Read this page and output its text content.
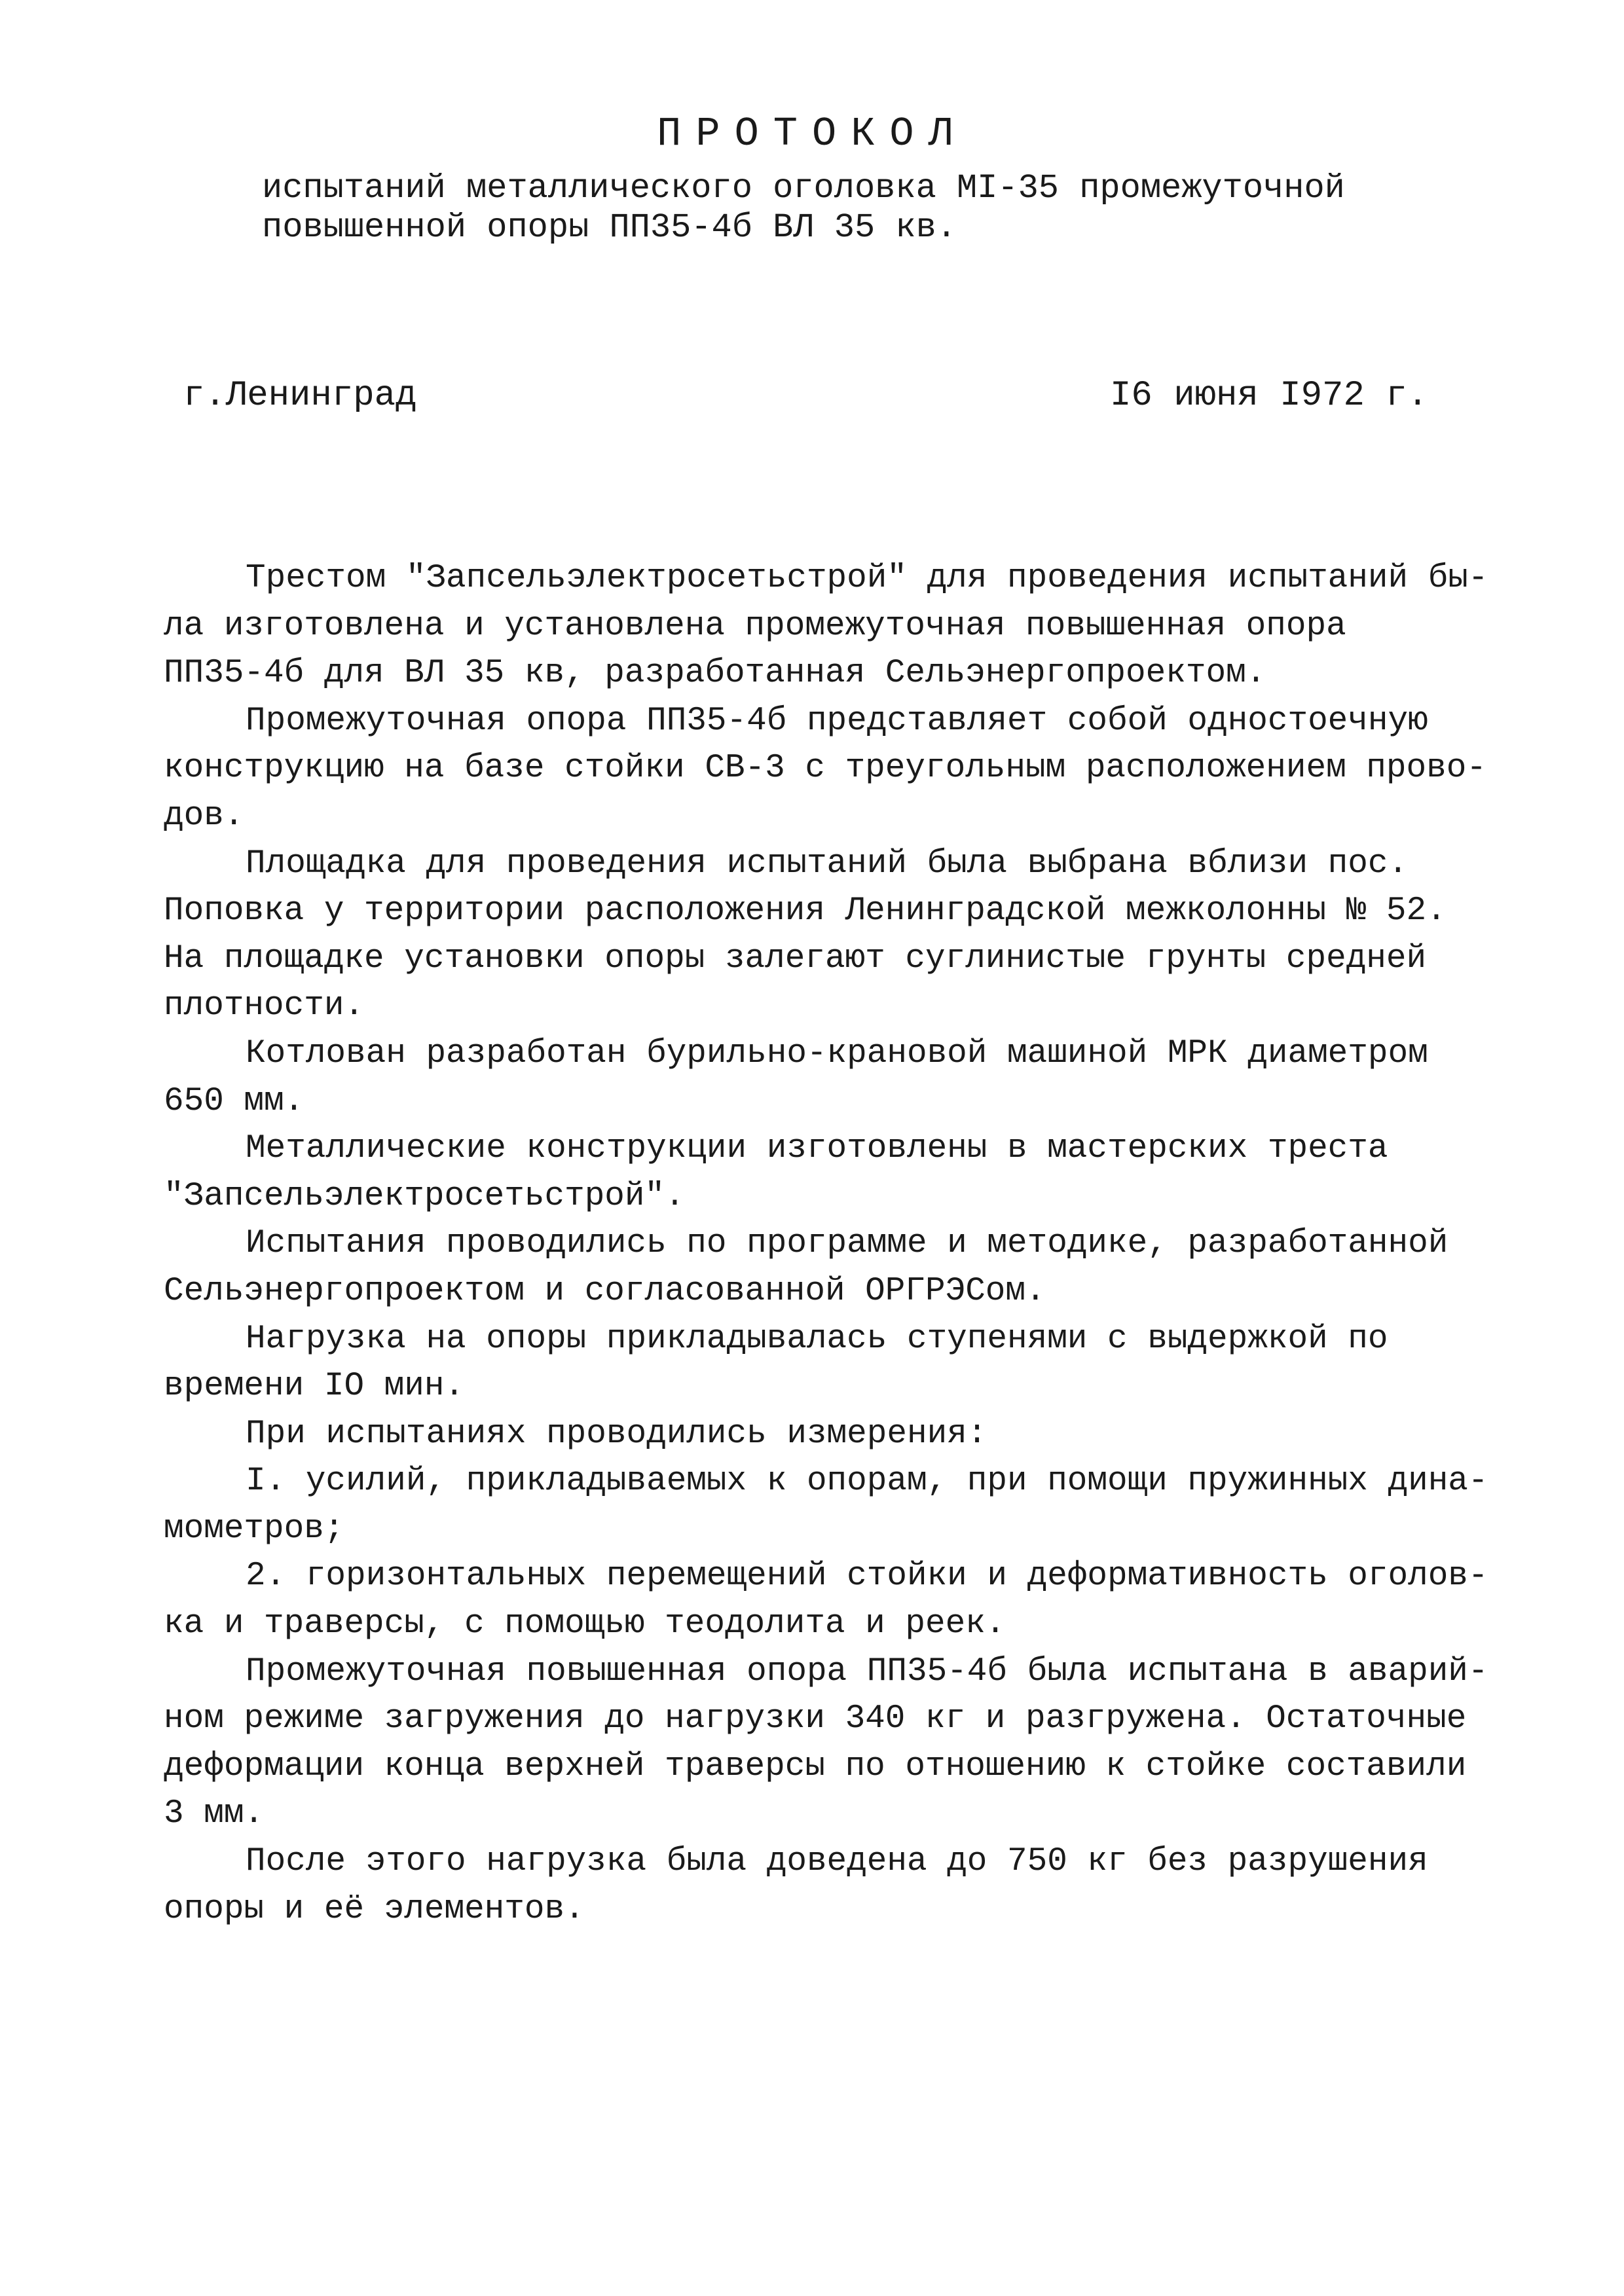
ПРОТОКОЛ
испытаний металлического оголовка МI-35 промежуточной
повышенной опоры ПП35-4б ВЛ 35 кв.
г.Ленинград	I6 июня I972 г.
Трестом "Запсельэлектросетьстрой" для проведения испытаний бы-
ла изготовлена и установлена промежуточная повышенная опора
ПП35-4б для ВЛ 35 кв, разработанная Сельэнергопроектом.
Промежуточная опора ПП35-4б представляет собой одностоечную
конструкцию на базе стойки СВ-3 с треугольным расположением прово-
дов.
Площадка для проведения испытаний была выбрана вблизи пос.
Поповка у территории расположения Ленинградской межколонны № 52.
На площадке установки опоры залегают суглинистые грунты средней
плотности.
Котлован разработан бурильно-крановой машиной МРК диаметром
650 мм.
Металлические конструкции изготовлены в мастерских треста
"Запсельэлектросетьстрой".
Испытания проводились по программе и методике, разработанной
Сельэнергопроектом и согласованной ОРГРЭСом.
Нагрузка на опоры прикладывалась ступенями с выдержкой по
времени IO мин.
При испытаниях проводились измерения:
I. усилий, прикладываемых к опорам, при помощи пружинных дина-
мометров;
2. горизонтальных перемещений стойки и деформативность оголов-
ка и траверсы, с помощью теодолита и реек.
Промежуточная повышенная опора ПП35-4б была испытана в аварий-
ном режиме загружения до нагрузки 340 кг и разгружена. Остаточные
деформации конца верхней траверсы по отношению к стойке составили
3 мм.
После этого нагрузка была доведена до 750 кг без разрушения
опоры и её элементов.
